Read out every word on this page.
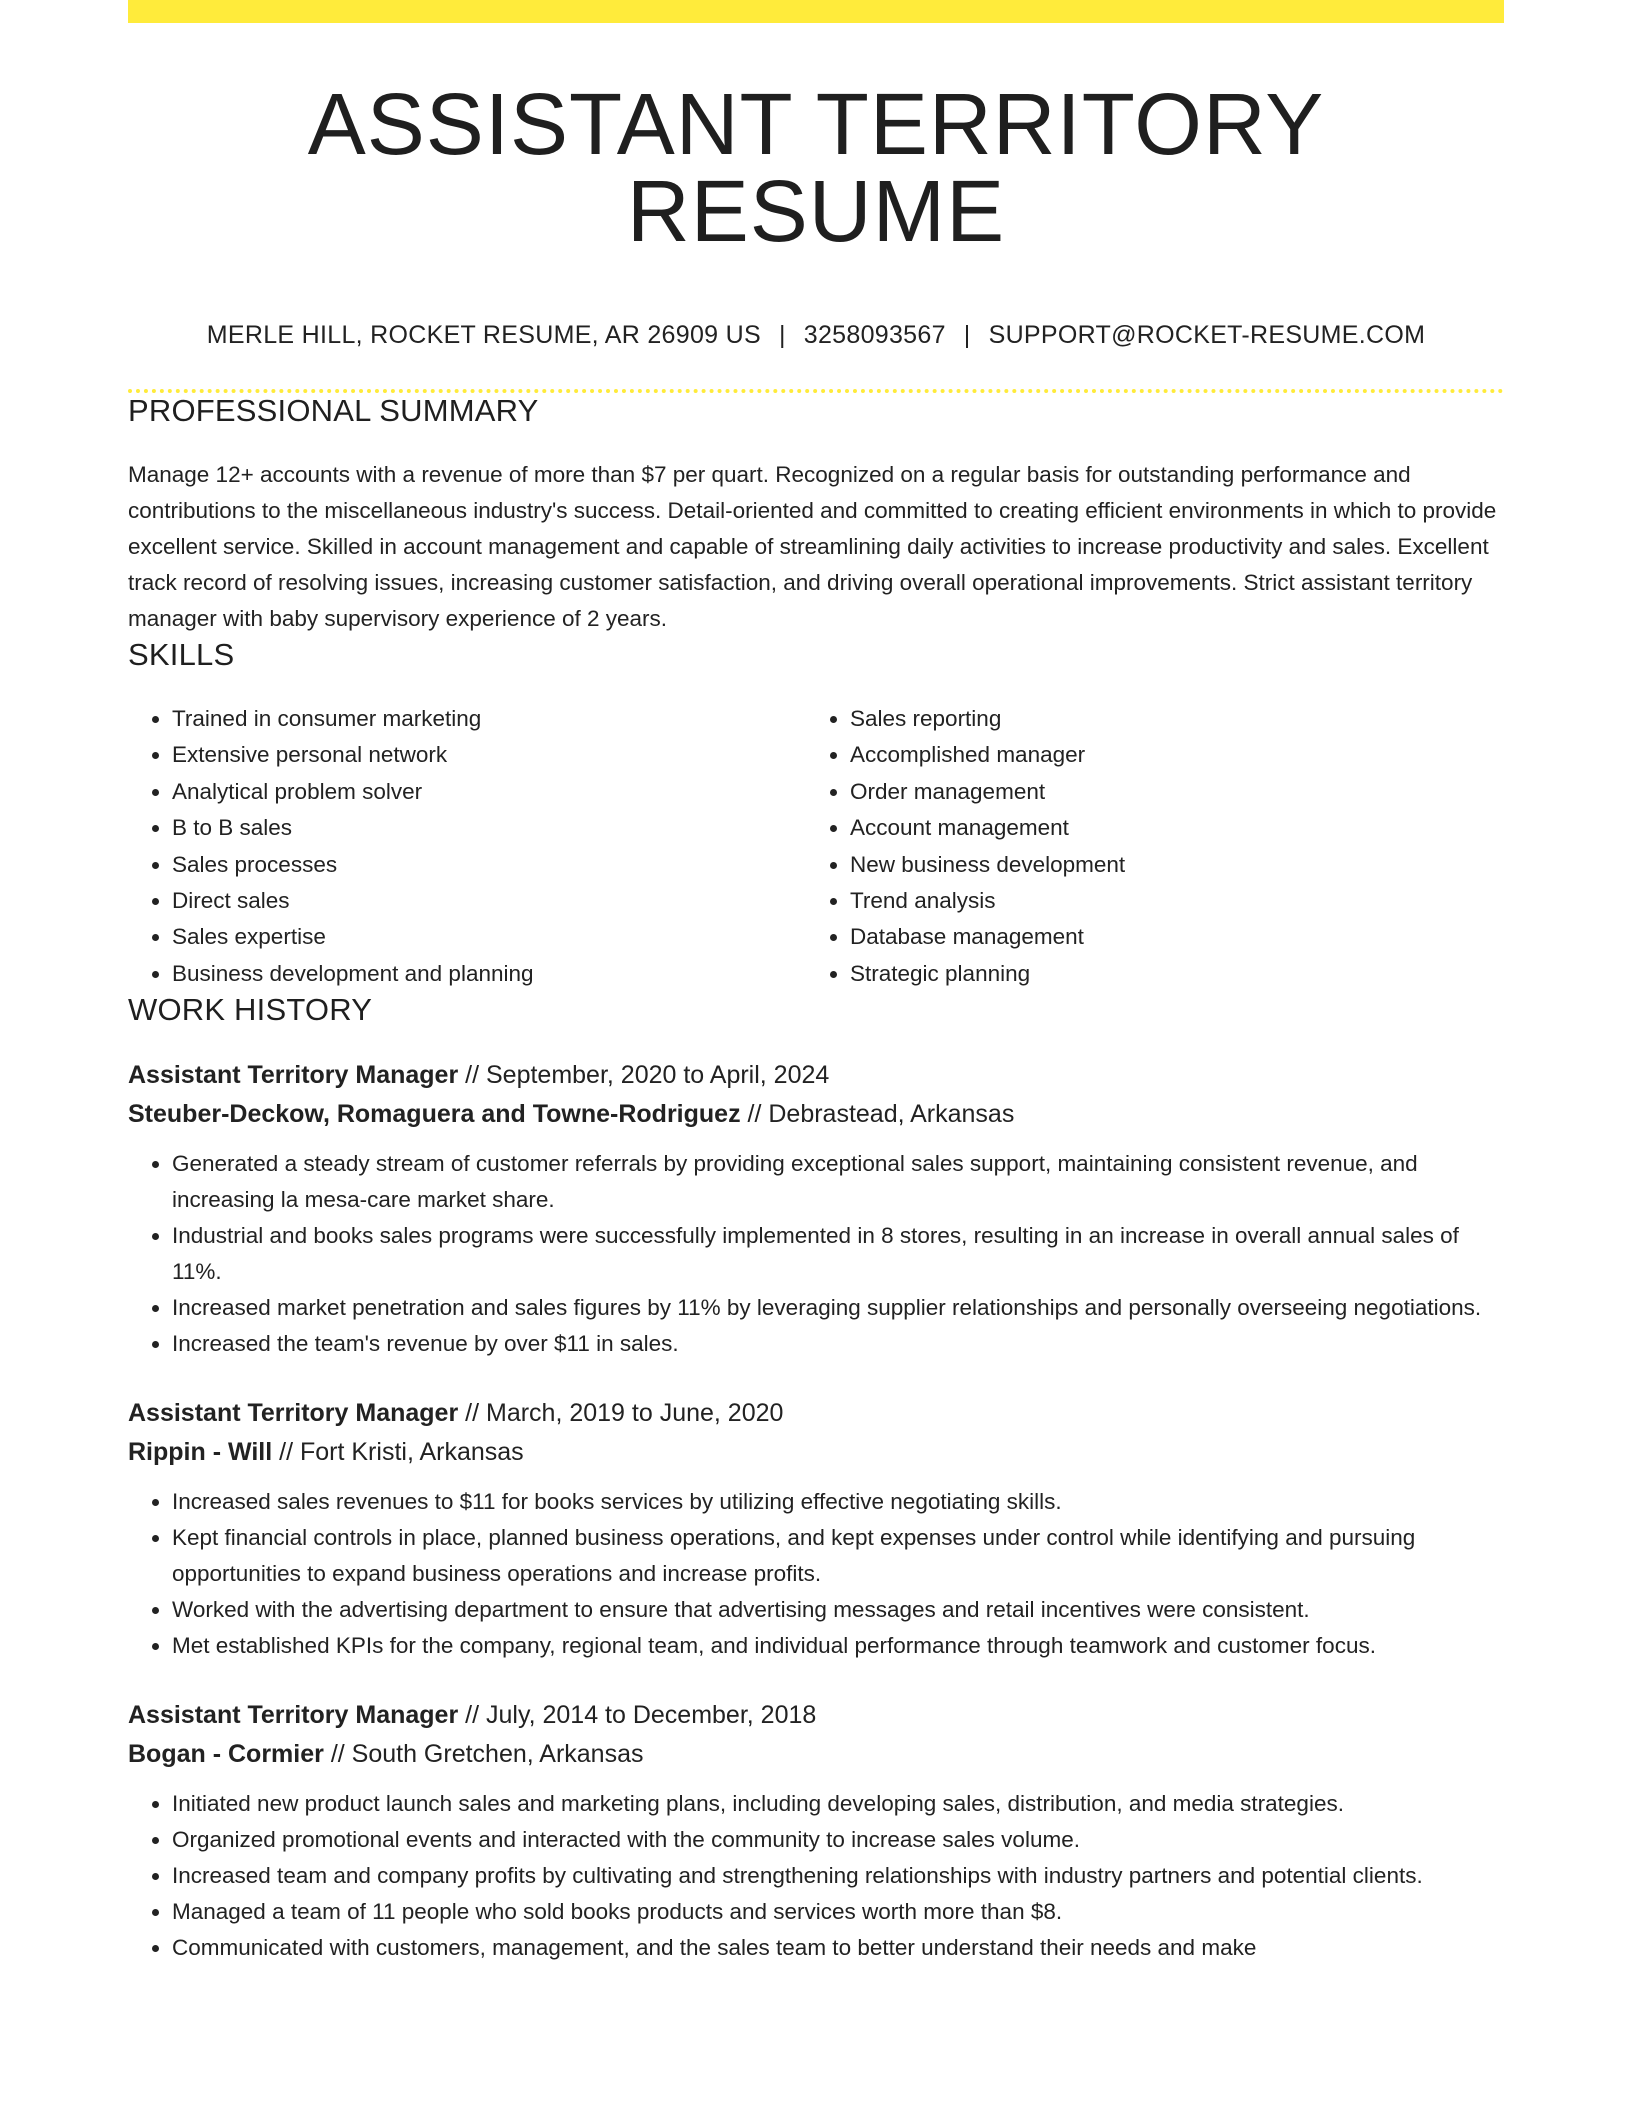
ASSISTANT TERRITORY RESUME
MERLE HILL, ROCKET RESUME, AR 26909 US | 3258093567 | SUPPORT@ROCKET-RESUME.COM
PROFESSIONAL SUMMARY

Manage 12+ accounts with a revenue of more than $7 per quart. Recognized on a regular basis for outstanding performance and contributions to the miscellaneous industry's success. Detail-oriented and committed to creating efficient environments in which to provide excellent service. Skilled in account management and capable of streamlining daily activities to increase productivity and sales. Excellent track record of resolving issues, increasing customer satisfaction, and driving overall operational improvements. Strict assistant territory manager with baby supervisory experience of 2 years.

SKILLS
• Trained in consumer marketing
• Extensive personal network
• Analytical problem solver
• B to B sales
• Sales processes
• Direct sales
• Sales expertise
• Business development and planning
• Sales reporting
• Accomplished manager
• Order management
• Account management
• New business development
• Trend analysis
• Database management
• Strategic planning
WORK HISTORY
Assistant Territory Manager // September, 2020 to April, 2024
Steuber-Deckow, Romaguera and Towne-Rodriguez // Debrastead, Arkansas
• Generated a steady stream of customer referrals by providing exceptional sales support, maintaining consistent revenue, and increasing la mesa-care market share.
• Industrial and books sales programs were successfully implemented in 8 stores, resulting in an increase in overall annual sales of 11%.
• Increased market penetration and sales figures by 11% by leveraging supplier relationships and personally overseeing negotiations.
• Increased the team's revenue by over $11 in sales.
Assistant Territory Manager // March, 2019 to June, 2020
Rippin - Will // Fort Kristi, Arkansas
• Increased sales revenues to $11 for books services by utilizing effective negotiating skills.
• Kept financial controls in place, planned business operations, and kept expenses under control while identifying and pursuing opportunities to expand business operations and increase profits.
• Worked with the advertising department to ensure that advertising messages and retail incentives were consistent.
• Met established KPIs for the company, regional team, and individual performance through teamwork and customer focus.
Assistant Territory Manager // July, 2014 to December, 2018
Bogan - Cormier // South Gretchen, Arkansas
• Initiated new product launch sales and marketing plans, including developing sales, distribution, and media strategies.
• Organized promotional events and interacted with the community to increase sales volume.
• Increased team and company profits by cultivating and strengthening relationships with industry partners and potential clients.
• Managed a team of 11 people who sold books products and services worth more than $8.
• Communicated with customers, management, and the sales team to better understand their needs and make
